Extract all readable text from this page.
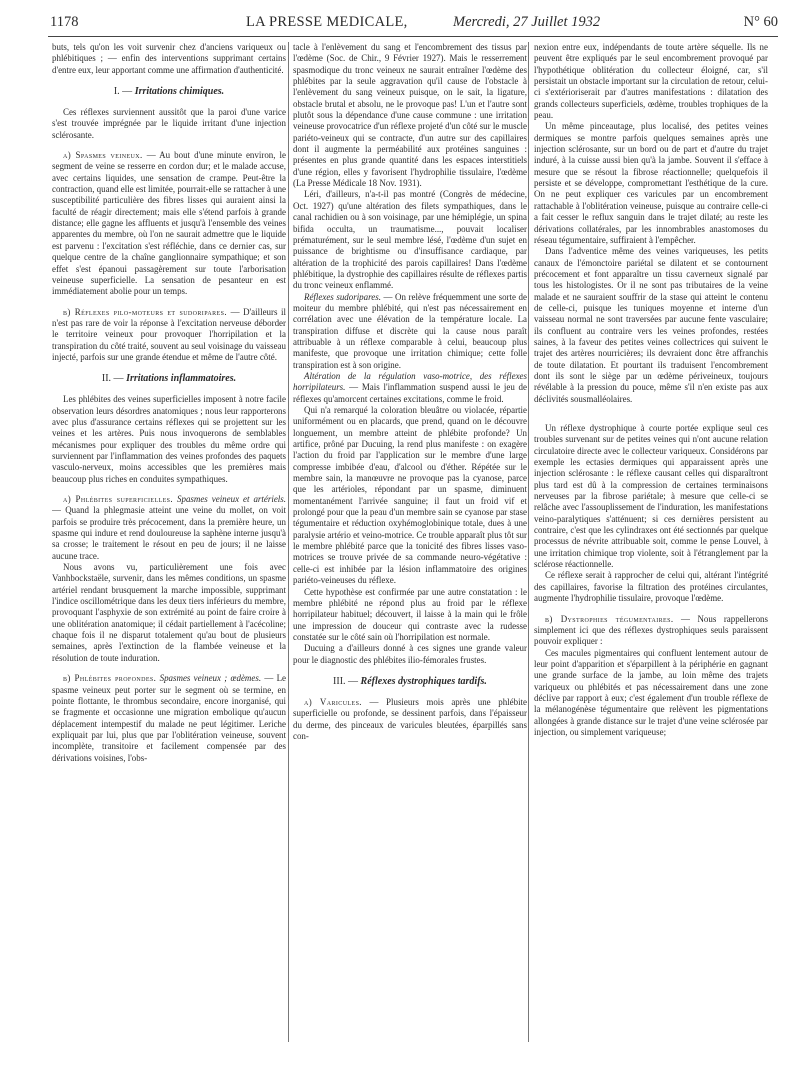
1178	LA PRESSE MEDICALE,	Mercredi, 27 Juillet 1932	N° 60

buts, tels qu'on les voit survenir chez d'anciens variqueux ou phlébitiques ; — enfin des interventions supprimant certains d'entre eux, leur apportant comme une affirmation d'authenticité.

I. — Irritations chimiques.

Ces réflexes surviennent aussitôt que la paroi d'une varice s'est trouvée imprégnée par le liquide irritant d'une injection sclérosante.

a) Spasmes veineux. — Au bout d'une minute environ, le segment de veine se resserre en cordon dur; et le malade accuse, avec certains liquides, une sensation de crampe. Peut-être la contraction, quand elle est limitée, pourrait-elle se rattacher à une susceptibilité particulière des fibres lisses qui auraient ainsi la faculté de réagir directement; mais elle s'étend parfois à grande distance; elle gagne les affluents et jusqu'à l'ensemble des veines apparentes du membre, où l'on ne saurait admettre que le liquide est parvenu : l'excitation s'est réfléchie, dans ce dernier cas, sur quelque centre de la chaîne ganglionnaire sympathique; et son effet s'est épanoui passagèrement sur toute l'arborisation veineuse superficielle. La sensation de pesanteur en est immédiatement abolie pour un temps.

b) Réflexes pilo-moteurs et sudoripares. — D'ailleurs il n'est pas rare de voir la réponse à l'excitation nerveuse déborder le territoire veineux pour provoquer l'horripilation et la transpiration du côté traité, souvent au seul voisinage du vaisseau injecté, parfois sur une grande étendue et même de l'autre côté.

II. — Irritations inflammatoires.

Les phlébites des veines superficielles imposent à notre facile observation leurs désordres anatomiques ; nous leur rapporterons avec plus d'assurance certains réflexes qui se projettent sur les veines et les artères. Puis nous invoquerons de semblables mécanismes pour expliquer des troubles du même ordre qui surviennent par l'inflammation des veines profondes des paquets vasculo-nerveux, moins accessibles que les premières mais beaucoup plus riches en conduites sympathiques.

a) Phlébites superficielles. Spasmes veineux et artériels. — Quand la phlegmasie atteint une veine du mollet, on voit parfois se produire très précocement, dans la première heure, un spasme qui indure et rend douloureuse la saphène interne jusqu'à sa crosse; le traitement le résout en peu de jours; il ne laisse aucune trace.

Nous avons vu, particulièrement une fois avec Vanhbockstaële, survenir, dans les mêmes conditions, un spasme artériel rendant brusquement la marche impossible, supprimant l'indice oscillométrique dans les deux tiers inférieurs du membre, provoquant l'asphyxie de son extrémité au point de faire croire à une oblitération anatomique; il cédait partiellement à l'acécoline; chaque fois il ne disparut totalement qu'au bout de plusieurs semaines, après l'extinction de la flambée veineuse et la résolution de toute induration.

b) Phlébites profondes. Spasmes veineux ; œdèmes. — Le spasme veineux peut porter sur le segment où se termine, en pointe flottante, le thrombus secondaire, encore inorganisé, qui se fragmente et occasionne une migration embolique qu'aucun déplacement intempestif du malade ne peut légitimer. Leriche expliquait par lui, plus que par l'oblitération veineuse, souvent incomplète, transitoire et facilement compensée par des dérivations voisines, l'obs-

tacle à l'enlèvement du sang et l'encombrement des tissus par l'œdème (Soc. de Chir., 9 Février 1927). Mais le resserrement spasmodique du tronc veineux ne saurait entraîner l'œdème des phlébites par la seule aggravation qu'il cause de l'obstacle à l'enlèvement du sang veineux puisque, on le sait, la ligature, obstacle brutal et absolu, ne le provoque pas! L'un et l'autre sont plutôt sous la dépendance d'une cause commune : une irritation veineuse provocatrice d'un réflexe projeté d'un côté sur le muscle pariéto-veineux qui se contracte, d'un autre sur des capillaires dont il augmente la perméabilité aux protéines sanguines : présentes en plus grande quantité dans les espaces interstitiels d'une région, elles y favorisent l'hydrophilie tissulaire, l'œdème (La Presse Médicale 18 Nov. 1931).

Léri, d'ailleurs, n'a-t-il pas montré (Congrès de médecine, Oct. 1927) qu'une altération des filets sympathiques, dans le canal rachidien ou à son voisinage, par une hémiplégie, un spina bifida occulta, un traumatisme..., pouvait localiser prématurément, sur le seul membre lésé, l'œdème d'un sujet en puissance de brightisme ou d'insuffisance cardiaque, par altération de la trophicité des parois capillaires! Dans l'œdème phlébitique, la dystrophie des capillaires résulte de réflexes partis du tronc veineux enflammé.

Réflexes sudoripares. — On relève fréquemment une sorte de moiteur du membre phlébité, qui n'est pas nécessairement en corrélation avec une élévation de la température locale. La transpiration diffuse et discrète qui la cause nous paraît attribuable à un réflexe comparable à celui, beaucoup plus manifeste, que provoque une irritation chimique; cette folle transpiration est à son origine.

Altération de la régulation vaso-motrice, des réflexes horripilateurs. — Mais l'inflammation suspend aussi le jeu de réflexes qu'amorcent certaines excitations, comme le froid.

Qui n'a remarqué la coloration bleuâtre ou violacée, répartie uniformément ou en placards, que prend, quand on le découvre longuement, un membre atteint de phlébite profonde? Un artifice, prôné par Ducuing, la rend plus manifeste : on exagère l'action du froid par l'application sur le membre d'une large compresse imbibée d'eau, d'alcool ou d'éther. Répétée sur le membre sain, la manœuvre ne provoque pas la cyanose, parce que les artérioles, répondant par un spasme, diminuent momentanément l'arrivée sanguine; il faut un froid vif et prolongé pour que la peau d'un membre sain se cyanose par stase tégumentaire et réduction oxyhémoglobinique totale, dues à une paralysie artério et veino-motrice. Ce trouble apparaît plus tôt sur le membre phlébité parce que la tonicité des fibres lisses vaso-motrices se trouve privée de sa commande neuro-végétative : celle-ci est inhibée par la lésion inflammatoire des origines pariéto-veineuses du réflexe.

Cette hypothèse est confirmée par une autre constatation : le membre phlébité ne répond plus au froid par le réflexe horripilateur habituel; découvert, il laisse à la main qui le frôle une impression de douceur qui contraste avec la rudesse constatée sur le côté sain où l'horripilation est normale.

Ducuing a d'ailleurs donné à ces signes une grande valeur pour le diagnostic des phlébites ilio-fémorales frustes.

III. — Réflexes dystrophiques tardifs.

a) Varicules. — Plusieurs mois après une phlébite superficielle ou profonde, se dessinent parfois, dans l'épaisseur du derme, des pinceaux de varicules bleutées, éparpillés sans con-

nexion entre eux, indépendants de toute artère séquelle. Ils ne peuvent être expliqués par le seul encombrement provoqué par l'hypothétique oblitération du collecteur éloigné, car, s'il persistait un obstacle important sur la circulation de retour, celui-ci s'extérioriserait par d'autres manifestations : dilatation des grands collecteurs superficiels, œdème, troubles trophiques de la peau.

Un même pinceautage, plus localisé, des petites veines dermiques se montre parfois quelques semaines après une injection sclérosante, sur un bord ou de part et d'autre du trajet induré, à la cuisse aussi bien qu'à la jambe. Souvent il s'efface à mesure que se résout la fibrose réactionnelle; quelquefois il persiste et se développe, compromettant l'esthétique de la cure. On ne peut expliquer ces varicules par un encombrement rattachable à l'oblitération veineuse, puisque au contraire celle-ci a fait cesser le reflux sanguin dans le trajet dilaté; au reste les dérivations collatérales, par les innombrables anastomoses du réseau tégumentaire, suffiraient à l'empêcher.

Dans l'adventice même des veines variqueuses, les petits canaux de l'émonctoire pariétal se dilatent et se contournent précocement et font apparaître un tissu caverneux signalé par tous les histologistes. Or il ne sont pas tributaires de la veine malade et ne sauraient souffrir de la stase qui atteint le contenu de celle-ci, puisque les tuniques moyenne et interne d'un vaisseau normal ne sont traversées par aucune fente vasculaire; ils confluent au contraire vers les veines profondes, restées saines, à la faveur des petites veines collectrices qui suivent le trajet des artères nourricières; ils devraient donc être affranchis de toute dilatation. Et pourtant ils traduisent l'encombrement dont ils sont le siège par un œdème périveineux, toujours révélable à la pression du pouce, même s'il n'en existe pas aux déclivités sousmalléolaires.

Un réflexe dystrophique à courte portée explique seul ces troubles survenant sur de petites veines qui n'ont aucune relation circulatoire directe avec le collecteur variqueux. Considérons par exemple les ectasies dermiques qui apparaissent après une injection sclérosante : le réflexe causant celles qui disparaîtront plus tard est dû à la compression de certaines terminaisons nerveuses par la fibrose pariétale; à mesure que celle-ci se relâche avec l'assouplissement de l'induration, les manifestations veino-paralytiques s'atténuent; si ces dernières persistent au contraire, c'est que les cylindraxes ont été sectionnés par quelque processus de névrite attribuable soit, comme le pense Louvel, à une irritation chimique trop violente, soit à l'étranglement par la sclérose réactionnelle.

Ce réflexe serait à rapprocher de celui qui, altérant l'intégrité des capillaires, favorise la filtration des protéines circulantes, augmente l'hydrophilie tissulaire, provoque l'œdème.

b) Dystrophies tégumentaires. — Nous rappellerons simplement ici que des réflexes dystrophiques seuls paraissent pouvoir expliquer :

Ces macules pigmentaires qui confluent lentement autour de leur point d'apparition et s'éparpillent à la périphérie en gagnant une grande surface de la jambe, au loin même des trajets variqueux ou phlébités et pas nécessairement dans une zone déclive par rapport à eux; c'est également d'un trouble réflexe de la mélanogénèse tégumentaire que relèvent les pigmentations allongées à grande distance sur le trajet d'une veine sclérosée par injection, ou simplement variqueuse;
